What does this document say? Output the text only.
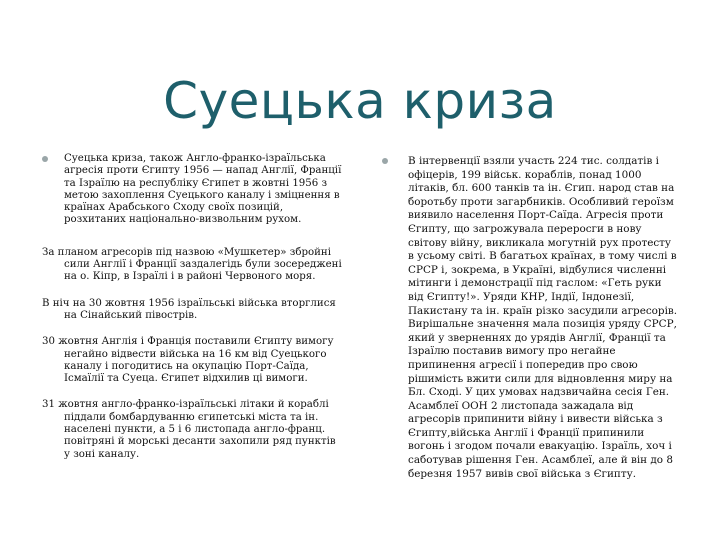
Суецька криза
Суецька криза, також Англо-франко-ізраїльська агресія проти Єгипту 1956 — напад Англії, Франції та Ізраїлю на республіку Єгипет в жовтні 1956 з метою захоплення Суецького каналу і зміцнення в країнах Арабського Сходу своїх позицій, розхитаних національно-визвольним рухом.
За планом агресорів під назвою «Мушкетер» збройні сили Англії і Франції заздалегідь були зосереджені на о. Кіпр, в Ізраїлі і в районі Червоного моря.
В ніч на 30 жовтня 1956 ізраїльські війська вторглися на Сінайський півострів.
30 жовтня Англія і Франція поставили Єгипту вимогу негайно відвести війська на 16 км від Суецького каналу і погодитись на окупацію Порт-Саїда, Ісмаїлії та Суеца. Єгипет відхилив ці вимоги.
31 жовтня англо-франко-ізраїльські літаки й кораблі піддали бомбардуванню єгипетські міста та ін. населені пункти, а 5 і 6 листопада англо-франц. повітряні й морські десанти захопили ряд пунктів у зоні каналу.
В інтервенції взяли участь 224 тис. солдатів і офіцерів, 199 військ. кораблів, понад 1000 літаків, бл. 600 танків та ін. Єгип. народ став на боротьбу проти загарбників. Особливий героїзм виявило населення Порт-Саїда. Агресія проти Єгипту, що загрожувала переросги в нову світову війну, викликала могутній рух протесту в усьому світі. В багатьох країнах, в тому числі в СРСР і, зокрема, в Україні, відбулися численні мітинги і демонстрації під гаслом: «Геть руки від Єгипту!». Уряди КНР, Індії, Індонезії, Пакистану та ін. країн різко засудили агресорів. Вирішальне значення мала позиція уряду СРСР, який у зверненнях до урядів Англії, Франції та Ізраїлю поставив вимогу про негайне припинення агресії і попередив про свою рішимість вжити сили для відновлення миру на Бл. Сході. У цих умовах надзвичайна сесія Ген. Асамблеї ООН 2 листопада зажадала від агресорів припинити війну і вивести війська з Єгипту,війська Англії і Франції припинили вогонь і згодом почали евакуацію. Ізраїль, хоч і саботував рішення Ген. Асамблеї, але й він до 8 березня 1957 вивів свої війська з Єгипту.
